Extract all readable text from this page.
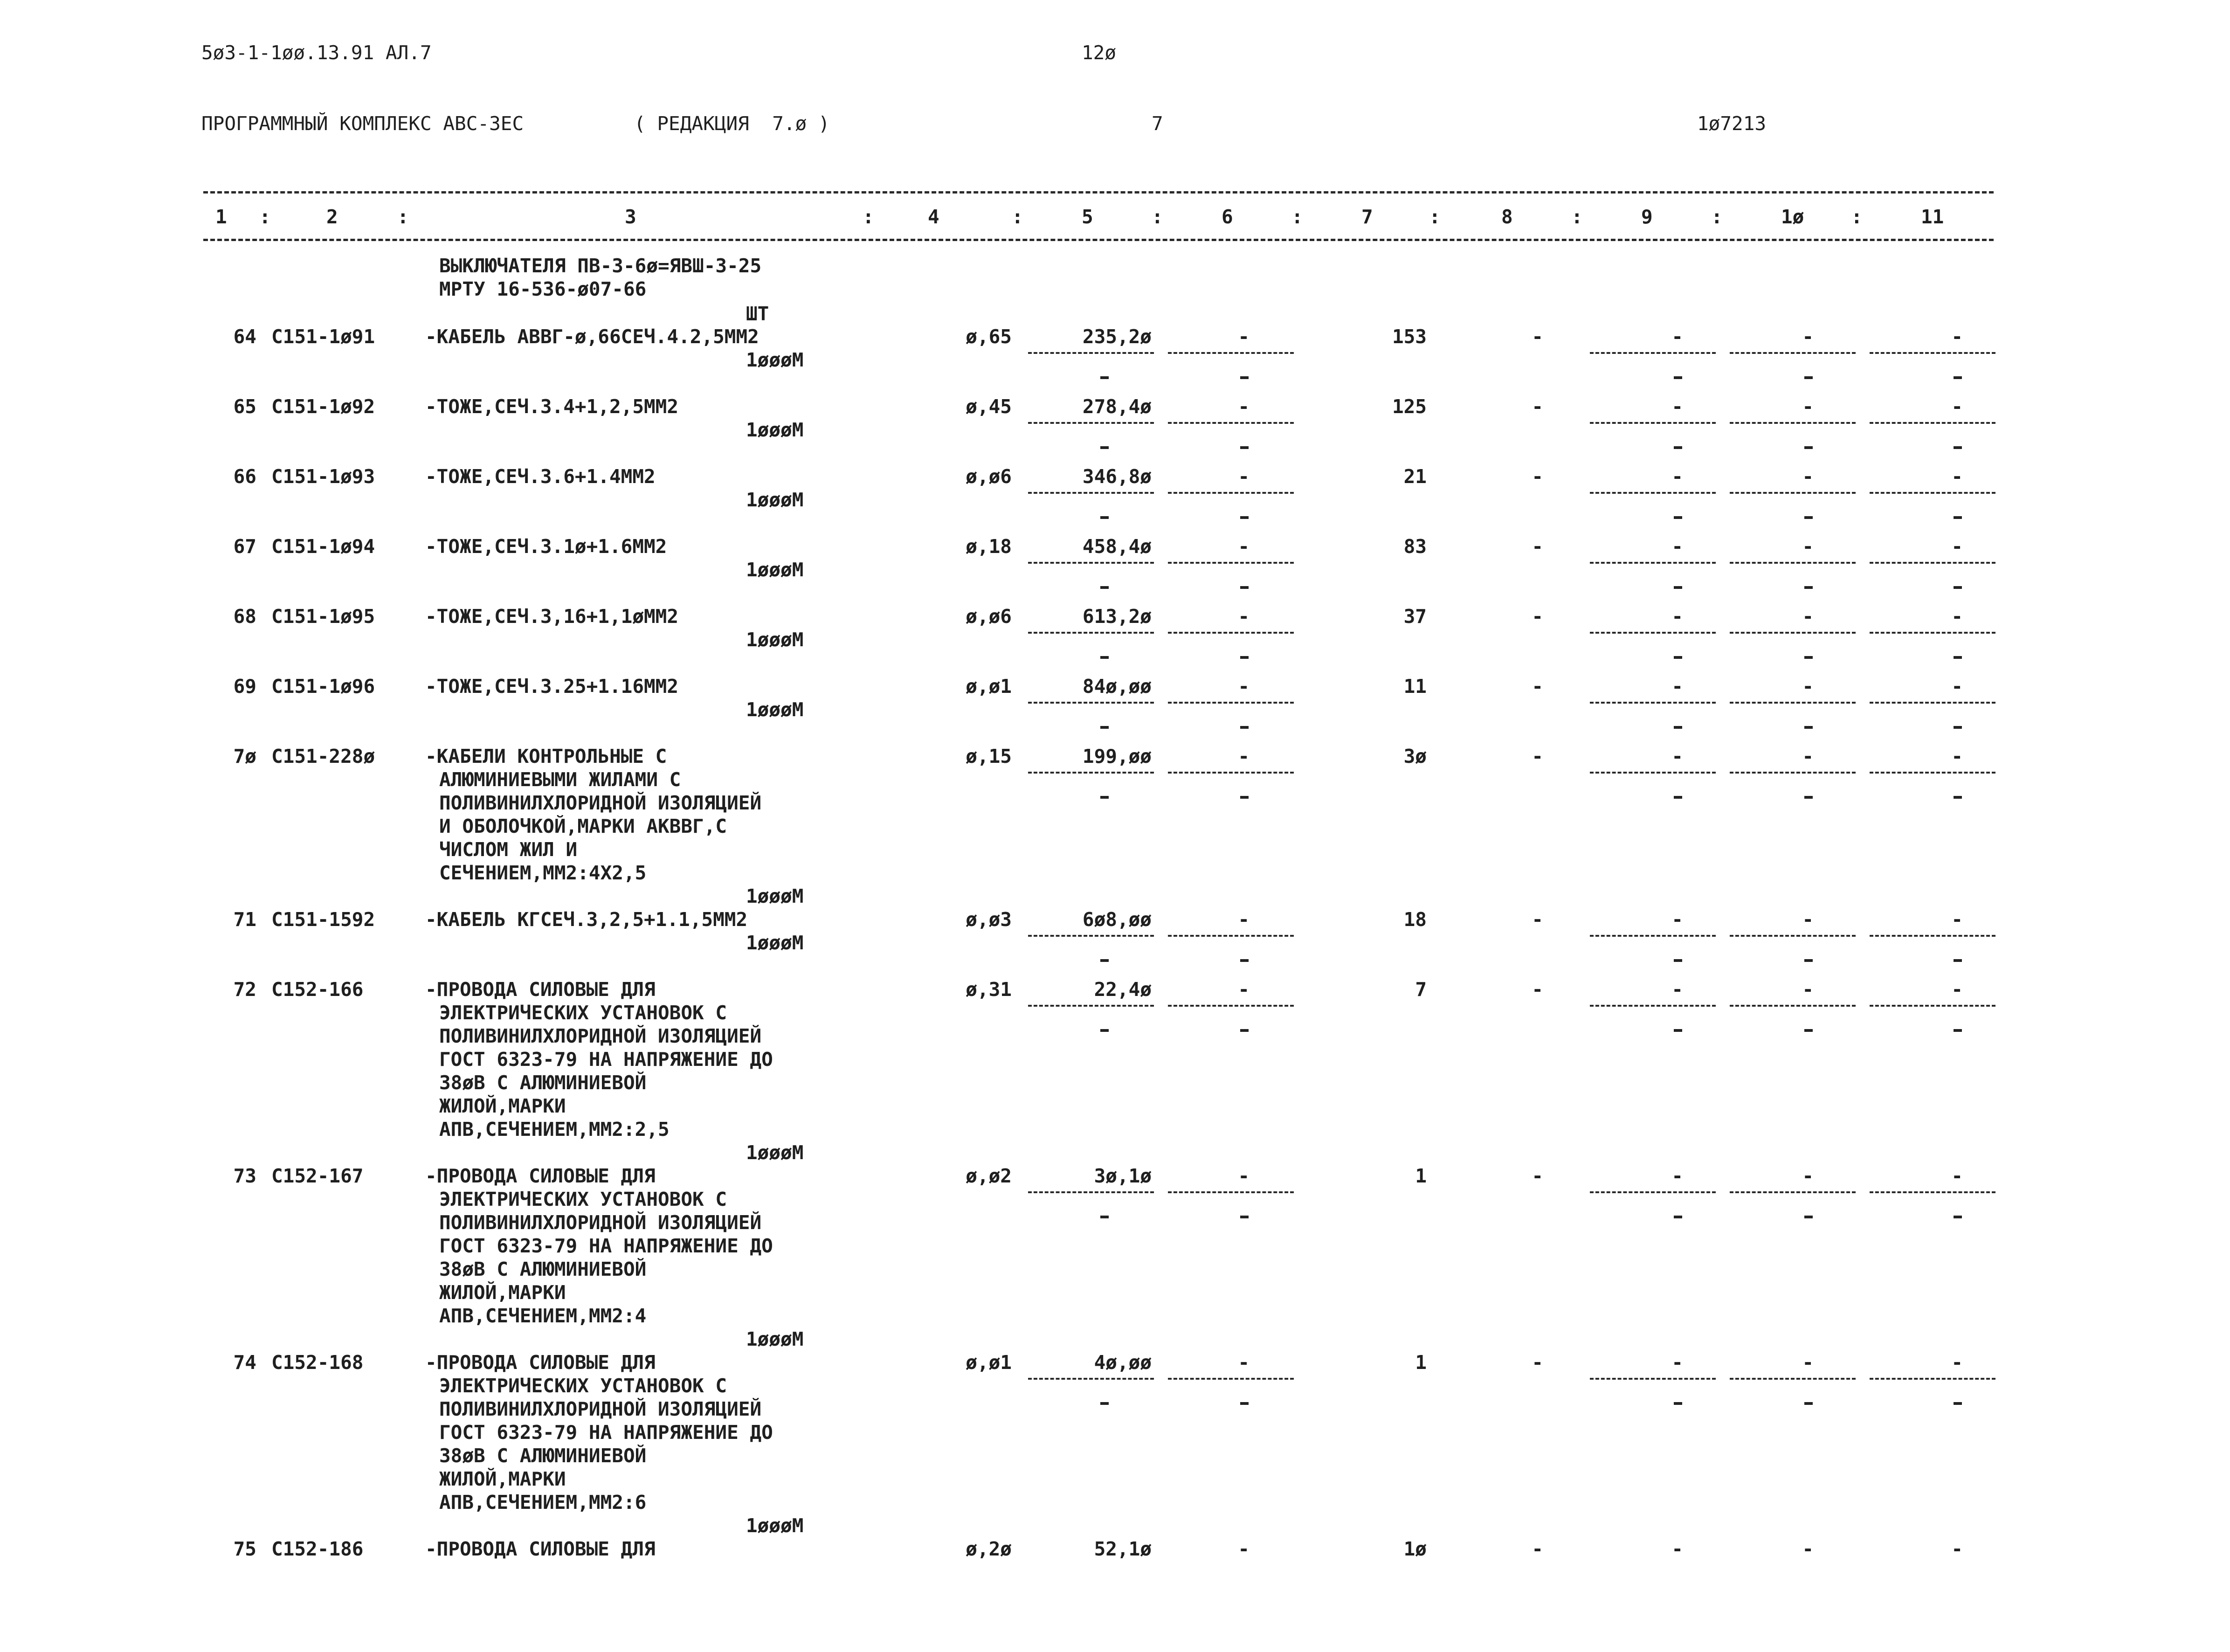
5ø3-1-1øø.13.91 АЛ.7	12ø
ПРОГРАММНЫЙ КОМПЛЕКС АВС-3ЕС	( РЕДАКЦИЯ  7.ø )	7	1ø7213
1 :	2	:	3	:	4	:	5	:	6	:	7	:	8	:	9	:	1ø :	11
ВЫКЛЮЧАТЕЛЯ ПВ-3-6ø=ЯВШ-3-25
МРТУ 16-536-ø07-66
ШТ
64 С151-1ø91	-КАБЕЛЬ АВВГ-ø,66СЕЧ.4.2,5ММ2	ø,65	235,2ø	-	153	-	-	-	-
1øøøМ
65 С151-1ø92	-ТОЖЕ,СЕЧ.3.4+1,2,5ММ2	ø,45	278,4ø	-	125	-	-	-	-
1øøøМ
66 С151-1ø93	-ТОЖЕ,СЕЧ.3.6+1.4ММ2	ø,ø6	346,8ø	-	21	-	-	-	-
1øøøМ
67 С151-1ø94	-ТОЖЕ,СЕЧ.3.1ø+1.6ММ2	ø,18	458,4ø	-	83	-	-	-	-
1øøøМ
68 С151-1ø95	-ТОЖЕ,СЕЧ.3,16+1,1øММ2	ø,ø6	613,2ø	-	37	-	-	-	-
1øøøМ
69 С151-1ø96	-ТОЖЕ,СЕЧ.3.25+1.16ММ2	ø,ø1	84ø,øø	-	11	-	-	-	-
1øøøМ
7ø С151-228ø	-КАБЕЛИ КОНТРОЛЬНЫЕ С
АЛЮМИНИЕВЫМИ ЖИЛАМИ С
ПОЛИВИНИЛХЛОРИДНОЙ ИЗОЛЯЦИЕЙ
И ОБОЛОЧКОЙ,МАРКИ АКВВГ,С
ЧИСЛОМ ЖИЛ И
СЕЧЕНИЕМ,ММ2:4Х2,5
ø,15	199,øø	-	3ø	-	-	-	-
1øøøМ
71 С151-1592	-КАБЕЛЬ КГСЕЧ.3,2,5+1.1,5ММ2	ø,ø3	6ø8,øø	-	18	-	-	-	-
1øøøМ
72 С152-166	-ПРОВОДА СИЛОВЫЕ ДЛЯ
ЭЛЕКТРИЧЕСКИХ УСТАНОВОК С
ПОЛИВИНИЛХЛОРИДНОЙ ИЗОЛЯЦИЕЙ
ГОСТ 6323-79 НА НАПРЯЖЕНИЕ ДО
38øВ С АЛЮМИНИЕВОЙ
ЖИЛОЙ,МАРКИ
АПВ,СЕЧЕНИЕМ,ММ2:2,5
ø,31	22,4ø	-	7	-	-	-	-
1øøøМ
73 С152-167	-ПРОВОДА СИЛОВЫЕ ДЛЯ
ЭЛЕКТРИЧЕСКИХ УСТАНОВОК С
ПОЛИВИНИЛХЛОРИДНОЙ ИЗОЛЯЦИЕЙ
ГОСТ 6323-79 НА НАПРЯЖЕНИЕ ДО
38øВ С АЛЮМИНИЕВОЙ
ЖИЛОЙ,МАРКИ
АПВ,СЕЧЕНИЕМ,ММ2:4
ø,ø2	3ø,1ø	-	1	-	-	-	-
1øøøМ
74 С152-168	-ПРОВОДА СИЛОВЫЕ ДЛЯ
ЭЛЕКТРИЧЕСКИХ УСТАНОВОК С
ПОЛИВИНИЛХЛОРИДНОЙ ИЗОЛЯЦИЕЙ
ГОСТ 6323-79 НА НАПРЯЖЕНИЕ ДО
38øВ С АЛЮМИНИЕВОЙ
ЖИЛОЙ,МАРКИ
АПВ,СЕЧЕНИЕМ,ММ2:6
ø,ø1	4ø,øø	-	1	-	-	-	-
1øøøМ
75 С152-186	-ПРОВОДА СИЛОВЫЕ ДЛЯ	ø,2ø	52,1ø	-	1ø	-	-	-	-
